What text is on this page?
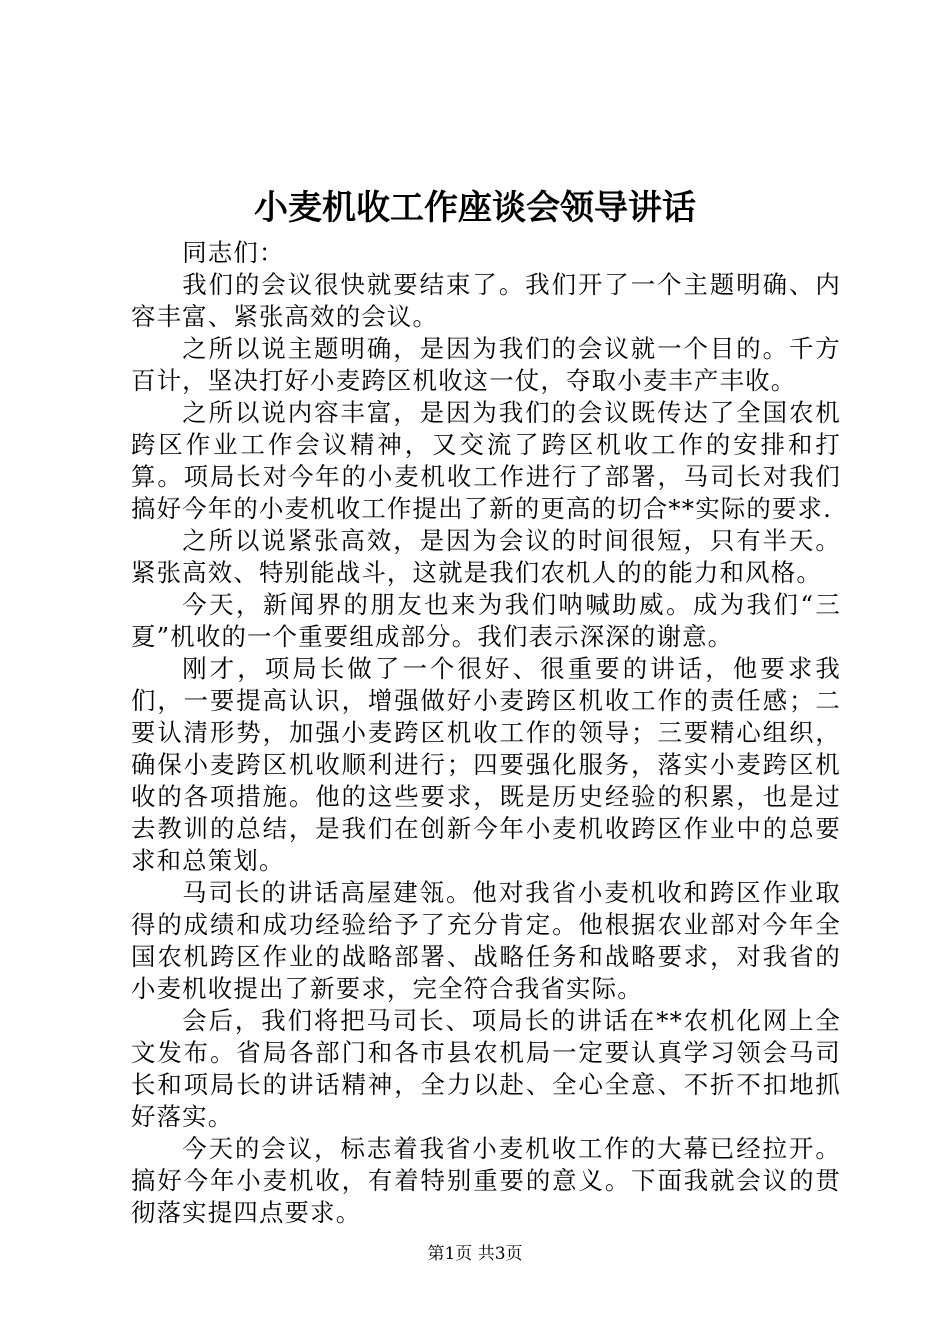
小麦机收工作座谈会领导讲话

同志们：

我们的会议很快就要结束了。我们开了一个主题明确、内容丰富、紧张高效的会议。

之所以说主题明确，是因为我们的会议就一个目的。千方百计，坚决打好小麦跨区机收这一仗，夺取小麦丰产丰收。

之所以说内容丰富，是因为我们的会议既传达了全国农机跨区作业工作会议精神，又交流了跨区机收工作的安排和打算。项局长对今年的小麦机收工作进行了部署，马司长对我们搞好今年的小麦机收工作提出了新的更高的切合**实际的要求.

之所以说紧张高效，是因为会议的时间很短，只有半天。紧张高效、特别能战斗，这就是我们农机人的的能力和风格。

今天，新闻界的朋友也来为我们呐喊助威。成为我们“三夏”机收的一个重要组成部分。我们表示深深的谢意。

刚才，项局长做了一个很好、很重要的讲话，他要求我们，一要提高认识，增强做好小麦跨区机收工作的责任感；二要认清形势，加强小麦跨区机收工作的领导；三要精心组织，确保小麦跨区机收顺利进行；四要强化服务，落实小麦跨区机收的各项措施。他的这些要求，既是历史经验的积累，也是过去教训的总结，是我们在创新今年小麦机收跨区作业中的总要求和总策划。

马司长的讲话高屋建瓴。他对我省小麦机收和跨区作业取得的成绩和成功经验给予了充分肯定。他根据农业部对今年全国农机跨区作业的战略部署、战略任务和战略要求，对我省的小麦机收提出了新要求，完全符合我省实际。

会后，我们将把马司长、项局长的讲话在**农机化网上全文发布。省局各部门和各市县农机局一定要认真学习领会马司长和项局长的讲话精神，全力以赴、全心全意、不折不扣地抓好落实。

今天的会议，标志着我省小麦机收工作的大幕已经拉开。搞好今年小麦机收，有着特别重要的意义。下面我就会议的贯彻落实提四点要求。

第1页 共3页
